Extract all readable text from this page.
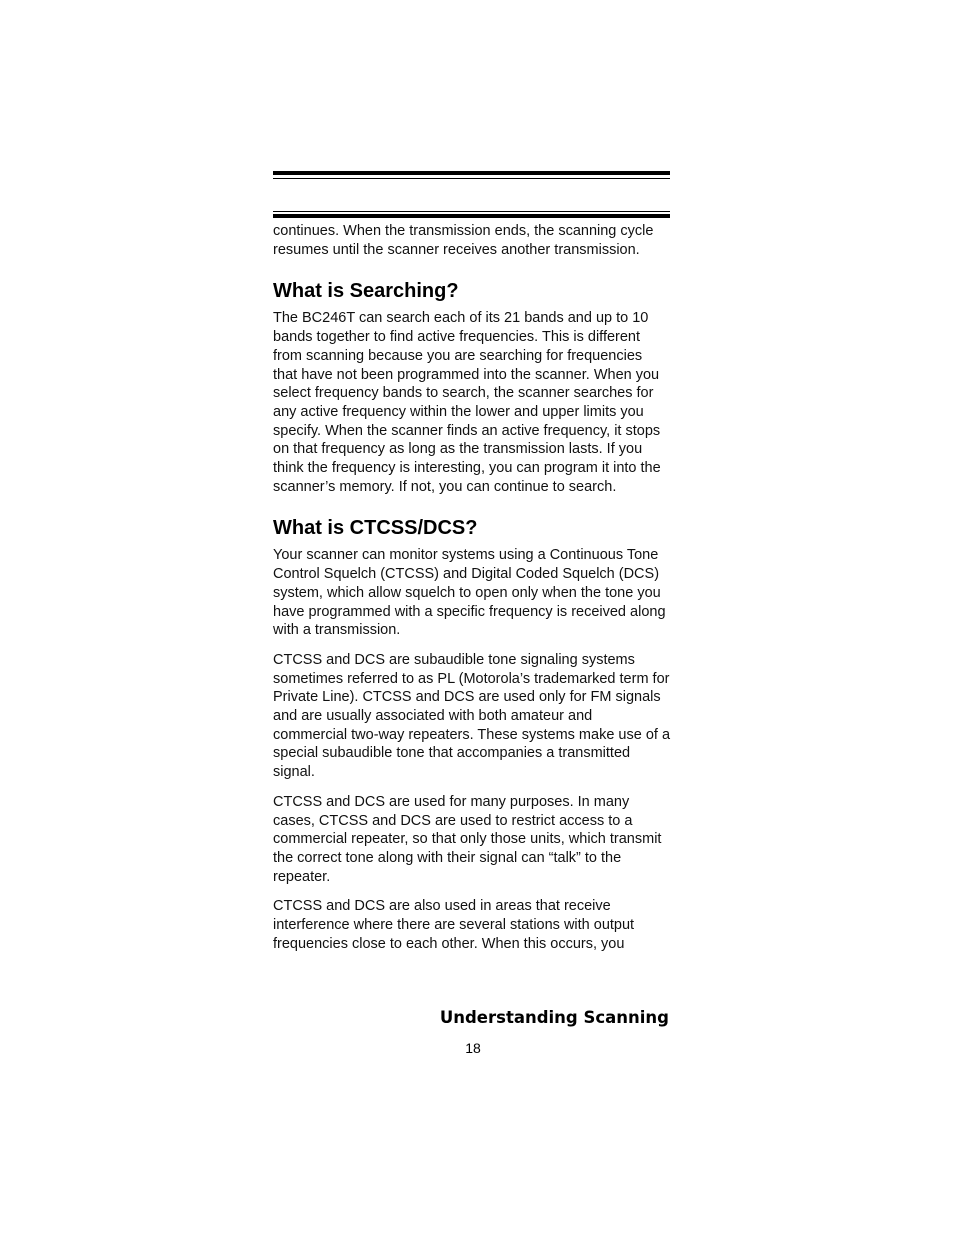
continues. When the transmission ends, the scanning cycle resumes until the scanner receives another transmission.

What is Searching?

The BC246T can search each of its 21 bands and up to 10 bands together to find active frequencies. This is different from scanning because you are searching for frequencies that have not been programmed into the scanner. When you select frequency bands to search, the scanner searches for any active frequency within the lower and upper limits you specify. When the scanner finds an active frequency, it stops on that frequency as long as the transmission lasts. If you think the frequency is interesting, you can program it into the scanner’s memory. If not, you can continue to search.

What is CTCSS/DCS?

Your scanner can monitor systems using a Continuous Tone Control Squelch (CTCSS) and Digital Coded Squelch (DCS) system, which allow squelch to open only when the tone you have programmed with a specific frequency is received along with a transmission.

CTCSS and DCS are subaudible tone signaling systems sometimes referred to as PL (Motorola’s trademarked term for Private Line). CTCSS and DCS are used only for FM signals and are usually associated with both amateur and commercial two-way repeaters. These systems make use of a special subaudible tone that accompanies a transmitted signal.

CTCSS and DCS are used for many purposes. In many cases, CTCSS and DCS are used to restrict access to a commercial repeater, so that only those units, which transmit the correct tone along with their signal can “talk” to the repeater.

CTCSS and DCS are also used in areas that receive interference where there are several stations with output frequencies close to each other. When this occurs, you

Understanding Scanning
18
